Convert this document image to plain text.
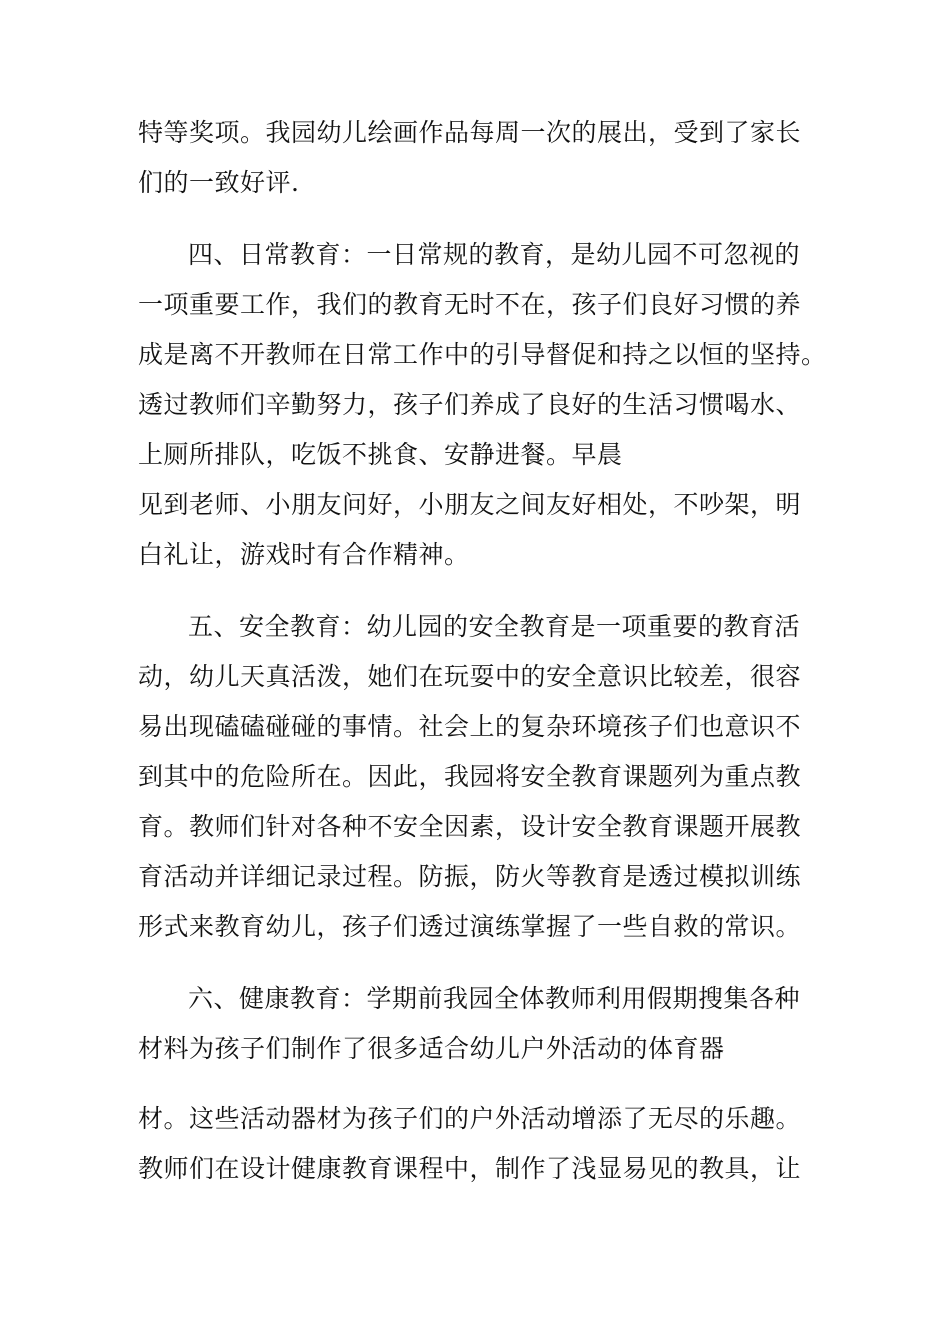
特等奖项。我园幼儿绘画作品每周一次的展出，受到了家长
们的一致好评.
四、日常教育：一日常规的教育，是幼儿园不可忽视的
一项重要工作，我们的教育无时不在，孩子们良好习惯的养
成是离不开教师在日常工作中的引导督促和持之以恒的坚持。
透过教师们辛勤努力，孩子们养成了良好的生活习惯喝水、
上厕所排队，吃饭不挑食、安静进餐。早晨
见到老师、小朋友问好，小朋友之间友好相处，不吵架，明
白礼让，游戏时有合作精神。
五、安全教育：幼儿园的安全教育是一项重要的教育活
动，幼儿天真活泼，她们在玩耍中的安全意识比较差，很容
易出现磕磕碰碰的事情。社会上的复杂环境孩子们也意识不
到其中的危险所在。因此，我园将安全教育课题列为重点教
育。教师们针对各种不安全因素，设计安全教育课题开展教
育活动并详细记录过程。防振，防火等教育是透过模拟训练
形式来教育幼儿，孩子们透过演练掌握了一些自救的常识。
六、健康教育：学期前我园全体教师利用假期搜集各种
材料为孩子们制作了很多适合幼儿户外活动的体育器
材。这些活动器材为孩子们的户外活动增添了无尽的乐趣。
教师们在设计健康教育课程中，制作了浅显易见的教具，让
